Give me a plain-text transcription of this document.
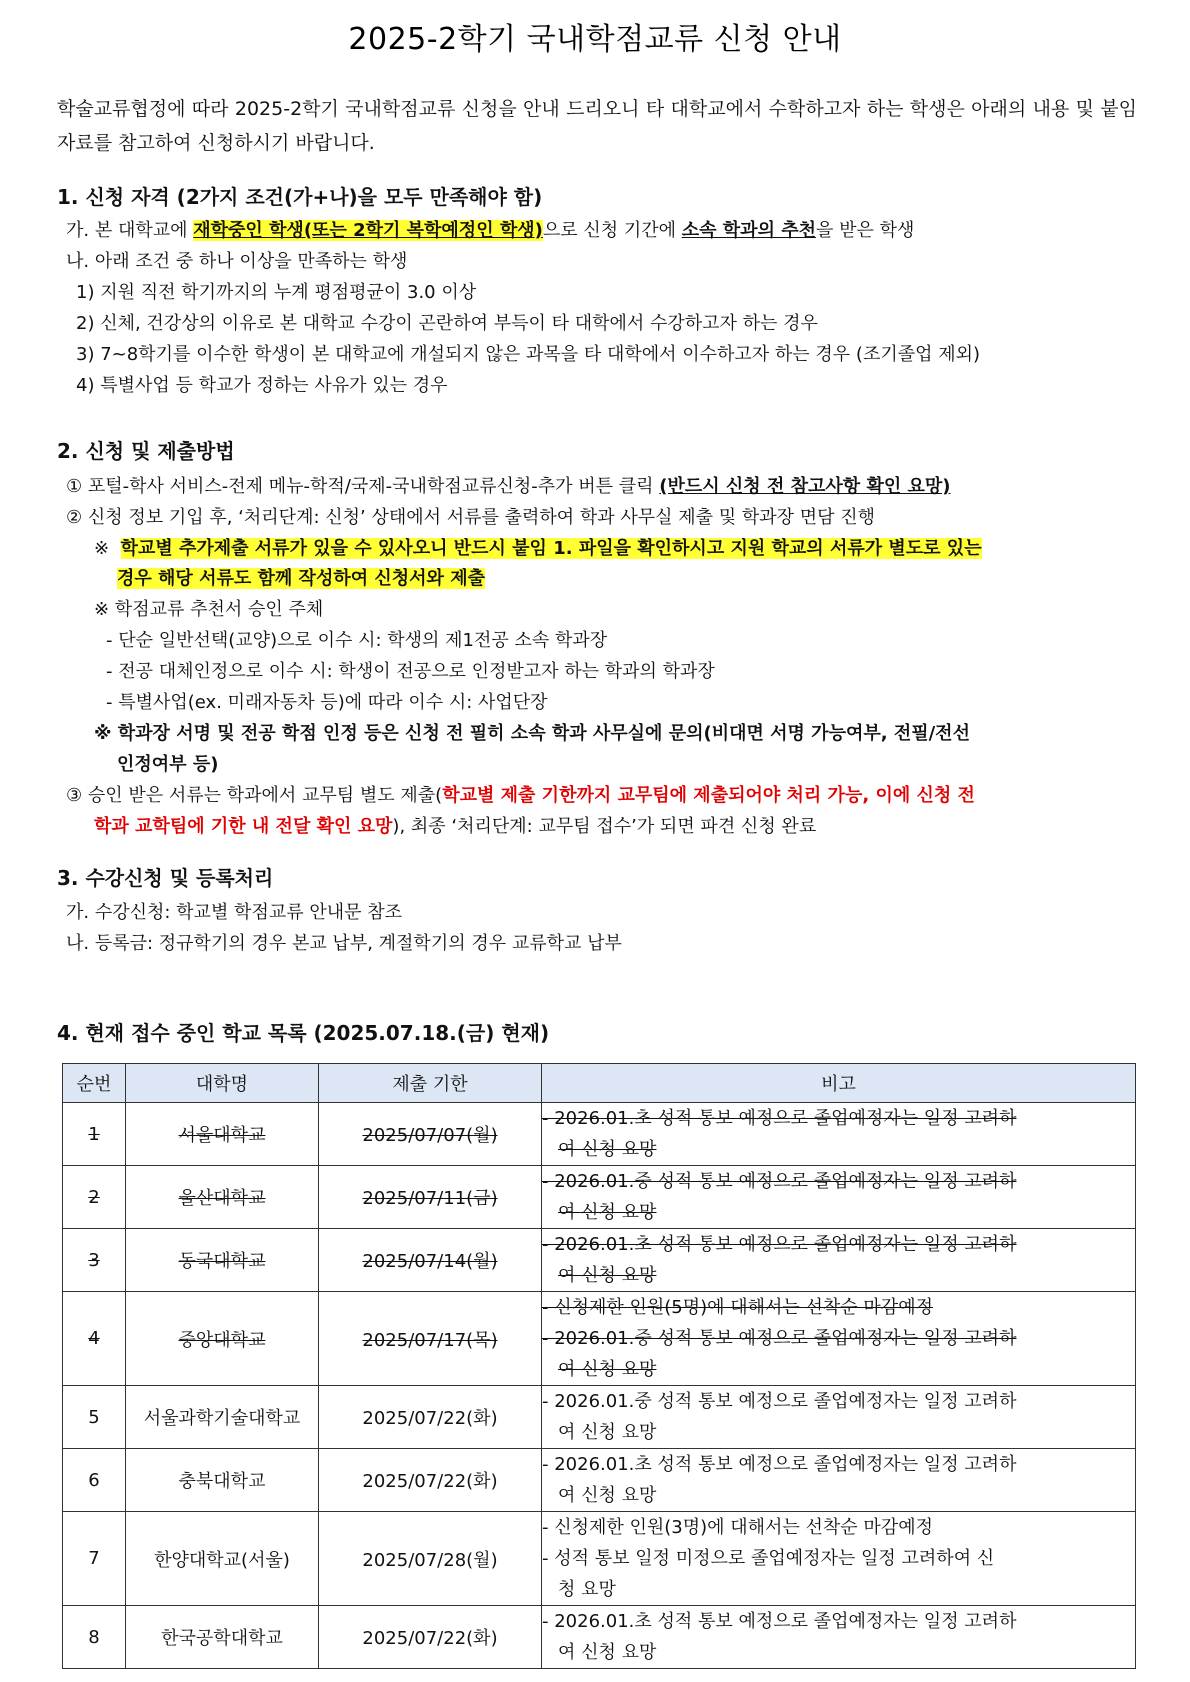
2025-2학기 국내학점교류 신청 안내
학술교류협정에 따라 2025-2학기 국내학점교류 신청을 안내 드리오니 타 대학교에서 수학하고자 하는 학생은 아래의 내용 및 붙임 자료를 참고하여 신청하시기 바랍니다.
1. 신청 자격 (2가지 조건(가+나)을 모두 만족해야 함)
가. 본 대학교에 재학중인 학생(또는 2학기 복학예정인 학생)으로 신청 기간에 소속 학과의 추천을 받은 학생
나. 아래 조건 중 하나 이상을 만족하는 학생
1) 지원 직전 학기까지의 누계 평점평균이 3.0 이상
2) 신체, 건강상의 이유로 본 대학교 수강이 곤란하여 부득이 타 대학에서 수강하고자 하는 경우
3) 7~8학기를 이수한 학생이 본 대학교에 개설되지 않은 과목을 타 대학에서 이수하고자 하는 경우 (조기졸업 제외)
4) 특별사업 등 학교가 정하는 사유가 있는 경우
2. 신청 및 제출방법
① 포털-학사 서비스-전제 메뉴-학적/국제-국내학점교류신청-추가 버튼 클릭 (반드시 신청 전 참고사항 확인 요망)
② 신청 정보 기입 후, ‘처리단계: 신청’ 상태에서 서류를 출력하여 학과 사무실 제출 및 학과장 면담 진행
※ 학교별 추가제출 서류가 있을 수 있사오니 반드시 붙임 1. 파일을 확인하시고 지원 학교의 서류가 별도로 있는
경우 해당 서류도 함께 작성하여 신청서와 제출
※ 학점교류 추천서 승인 주체
- 단순 일반선택(교양)으로 이수 시: 학생의 제1전공 소속 학과장
- 전공 대체인정으로 이수 시: 학생이 전공으로 인정받고자 하는 학과의 학과장
- 특별사업(ex. 미래자동차 등)에 따라 이수 시: 사업단장
※ 학과장 서명 및 전공 학점 인정 등은 신청 전 필히 소속 학과 사무실에 문의(비대면 서명 가능여부, 전필/전선
인정여부 등)
③ 승인 받은 서류는 학과에서 교무팀 별도 제출(학교별 제출 기한까지 교무팀에 제출되어야 처리 가능, 이에 신청 전
학과 교학팀에 기한 내 전달 확인 요망), 최종 ‘처리단계: 교무팀 접수’가 되면 파견 신청 완료
3. 수강신청 및 등록처리
가. 수강신청: 학교별 학점교류 안내문 참조
나. 등록금: 정규학기의 경우 본교 납부, 계절학기의 경우 교류학교 납부
4. 현재 접수 중인 학교 목록 (2025.07.18.(금) 현재)
순번	대학명	제출 기한	비고
1	서울대학교	2025/07/07(월)	- 2026.01.초 성적 통보 예정으로 졸업예정자는 일정 고려하
여 신청 요망

2	울산대학교	2025/07/11(금)	- 2026.01.중 성적 통보 예정으로 졸업예정자는 일정 고려하
여 신청 요망

3	동국대학교	2025/07/14(월)	- 2026.01.초 성적 통보 예정으로 졸업예정자는 일정 고려하
여 신청 요망

4	중앙대학교	2025/07/17(목)	- 신청제한 인원(5명)에 대해서는 선착순 마감예정
- 2026.01.중 성적 통보 예정으로 졸업예정자는 일정 고려하
여 신청 요망

5	서울과학기술대학교	2025/07/22(화)	- 2026.01.중 성적 통보 예정으로 졸업예정자는 일정 고려하
여 신청 요망

6	충북대학교	2025/07/22(화)	- 2026.01.초 성적 통보 예정으로 졸업예정자는 일정 고려하
여 신청 요망

7	한양대학교(서울)	2025/07/28(월)	- 신청제한 인원(3명)에 대해서는 선착순 마감예정
- 성적 통보 일정 미정으로 졸업예정자는 일정 고려하여 신
청 요망

8	한국공학대학교	2025/07/22(화)	- 2026.01.초 성적 통보 예정으로 졸업예정자는 일정 고려하
여 신청 요망
